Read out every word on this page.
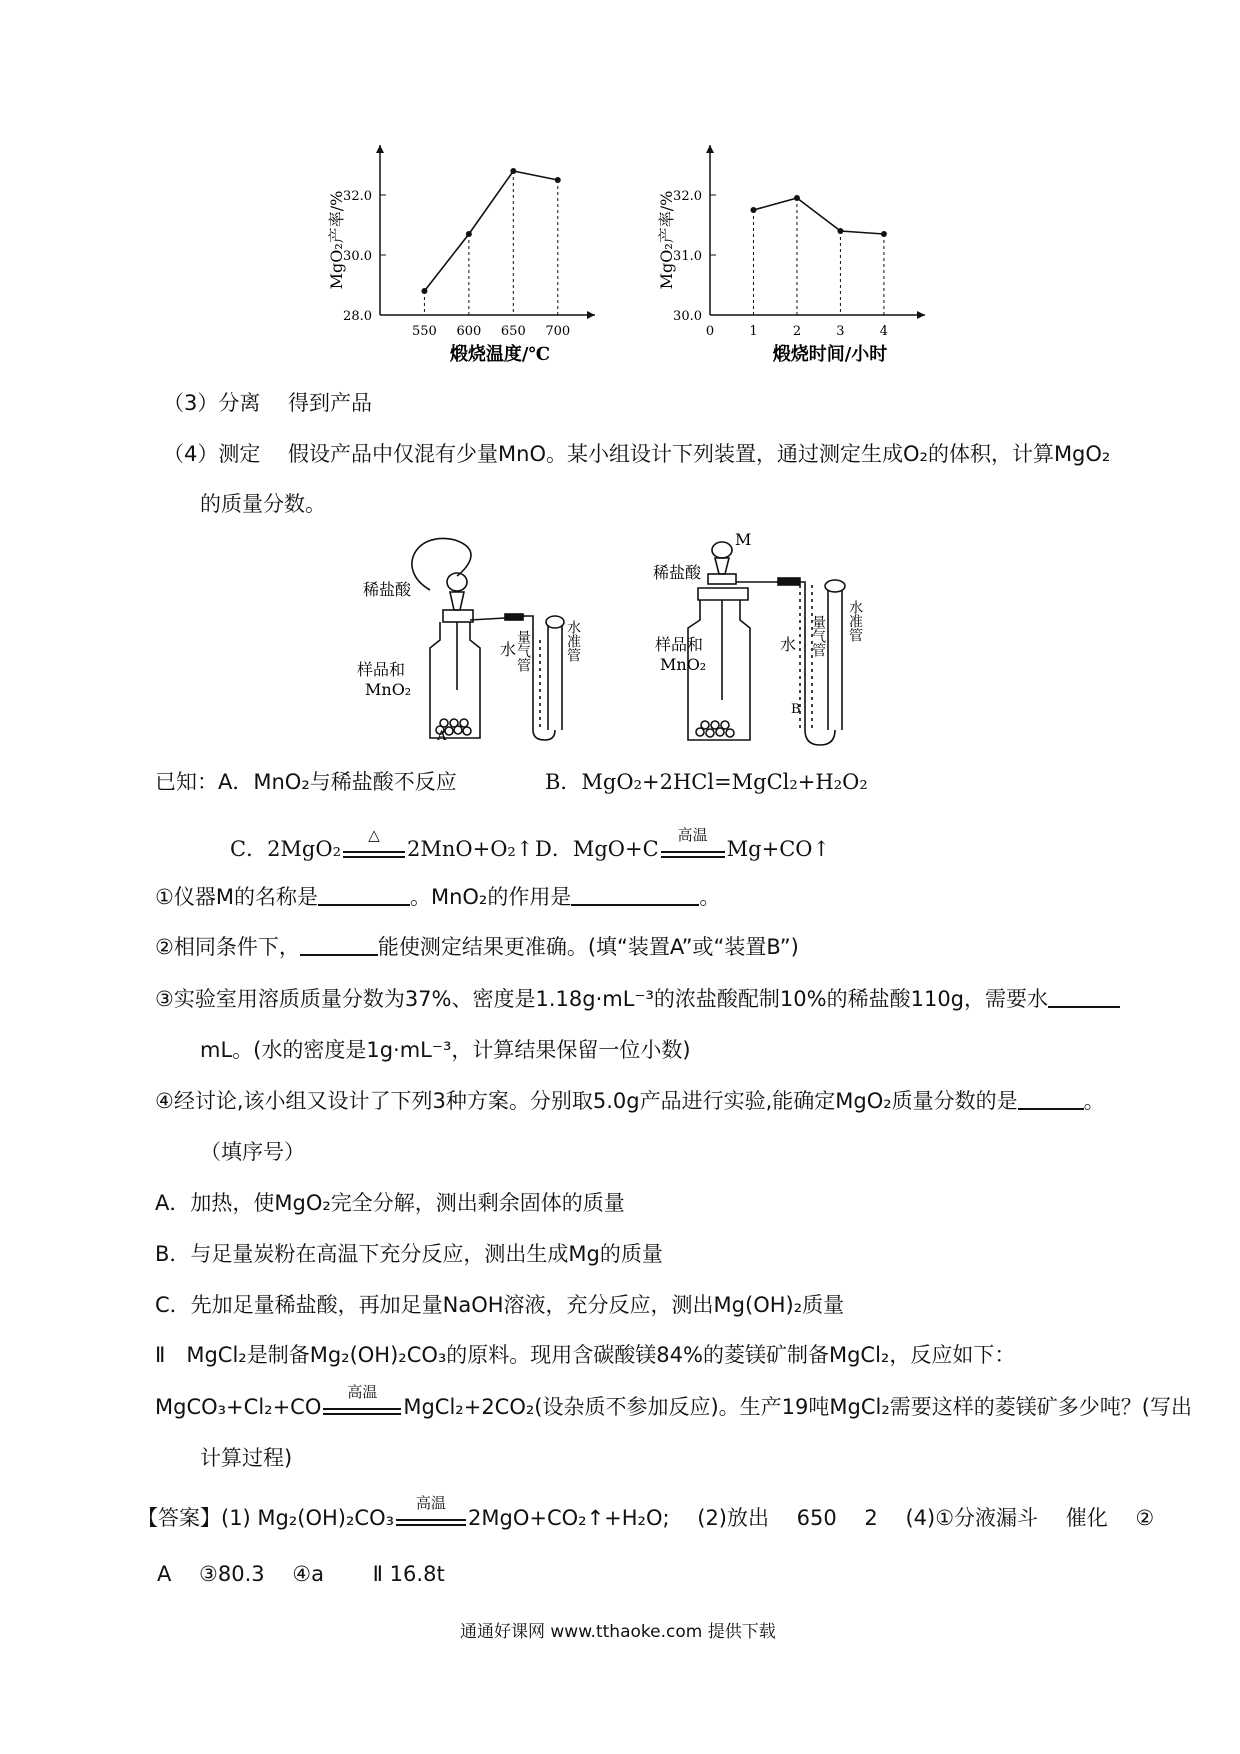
28.0
30.0
32.0
550 600 650 700
煅烧温度/℃
MgO₂产率/%
30.0
31.0
32.0
0	1	2	3	4
煅烧时间/小时
MgO₂产率/%
（3）分离　 得到产品
（4）测定　 假设产品中仅混有少量MnO。某小组设计下列装置，通过测定生成O₂的体积，计算MgO₂
的质量分数。
稀盐酸
样品和
MnO₂
水
量气管 水准管
M
稀盐酸
样品和
MnO₂
水 量气管 水准管
A
B
已知：A．MnO₂与稀盐酸不反应	B．MgO₂+2HCl=MgCl₂+H₂O₂
C．2MgO₂
△
2MnO+O₂↑ D．MgO+C
高温
Mg+CO↑
①仪器M的名称是	。MnO₂的作用是	。
②相同条件下，	能使测定结果更准确。(填“装置A”或“装置B”)
③实验室用溶质质量分数为37%、密度是1.18g·mL⁻³的浓盐酸配制10%的稀盐酸110g，需要水
mL。(水的密度是1g·mL⁻³，计算结果保留一位小数)
④经讨论,该小组又设计了下列3种方案。分别取5.0g产品进行实验,能确定MgO₂质量分数的是	。
（填序号）
A．加热，使MgO₂完全分解，测出剩余固体的质量
B．与足量炭粉在高温下充分反应，测出生成Mg的质量
C．先加足量稀盐酸，再加足量NaOH溶液，充分反应，测出Mg(OH)₂质量
Ⅱ　MgCl₂是制备Mg₂(OH)₂CO₃的原料。现用含碳酸镁84%的菱镁矿制备MgCl₂，反应如下：
MgCO₃+Cl₂+CO
高温
MgCl₂+2CO₂(设杂质不参加反应)。生产19吨MgCl₂需要这样的菱镁矿多少吨？(写出
计算过程)
【答案】(1) Mg₂(OH)₂CO₃
高温
2MgO+CO₂↑+H₂O;　 (2)放出　 650　 2　 (4)①分液漏斗　 催化　 ②
A　 ③80.3　 ④a　　 Ⅱ 16.8t
通通好课网 www.tthaoke.com 提供下载
